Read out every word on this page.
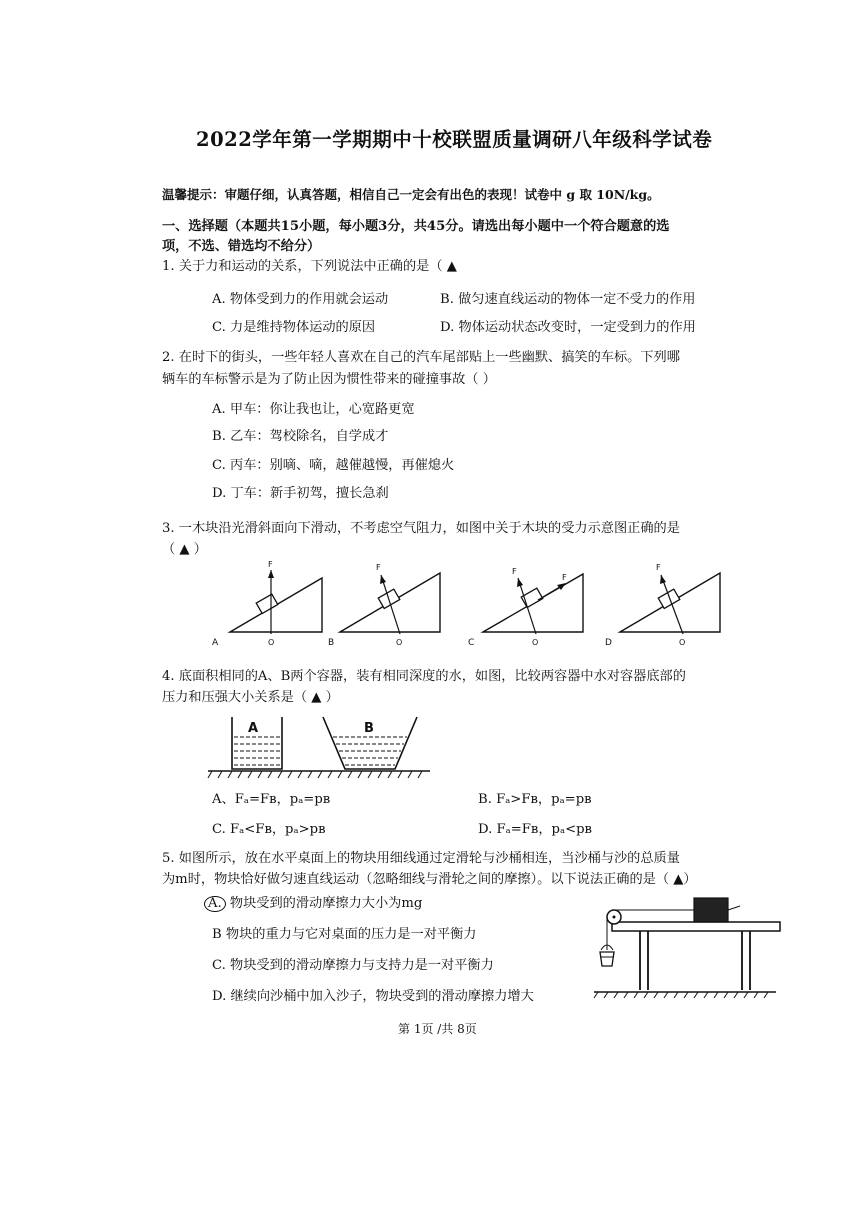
2022学年第一学期期中十校联盟质量调研八年级科学试卷
温馨提示：审题仔细，认真答题，相信自己一定会有出色的表现！试卷中 g 取 10N/kg。
一、选择题（本题共15小题，每小题3分，共45分。请选出每小题中一个符合题意的选
项，不选、错选均不给分）
1. 关于力和运动的关系，下列说法中正确的是（ ▲
A. 物体受到力的作用就会运动	B. 做匀速直线运动的物体一定不受力的作用
C. 力是维持物体运动的原因	D. 物体运动状态改变时，一定受到力的作用
2. 在时下的街头，一些年轻人喜欢在自己的汽车尾部贴上一些幽默、搞笑的车标。下列哪
辆车的车标警示是为了防止因为惯性带来的碰撞事故（ ）
A. 甲车：你让我也让，心宽路更宽
B. 乙车：驾校除名，自学成才
C. 丙车：别嘀、嘀，越催越慢，再催熄火
D. 丁车：新手初驾，擅长急刹
3. 一木块沿光滑斜面向下滑动，不考虑空气阻力，如图中关于木块的受力示意图正确的是
（ ▲ ）
F
O
A
F
O
B
F
F
O
C
F
O
D
A	B
4. 底面积相同的A、B两个容器，装有相同深度的水，如图，比较两容器中水对容器底部的
压力和压强大小关系是（ ▲ ）
A、Fₐ=Fʙ，pₐ=pʙ	B. Fₐ>Fʙ，pₐ=pʙ
C. Fₐ<Fʙ，pₐ>pʙ	D. Fₐ=Fʙ，pₐ<pʙ
5. 如图所示，放在水平桌面上的物块用细线通过定滑轮与沙桶相连，当沙桶与沙的总质量
为m时，物块恰好做匀速直线运动（忽略细线与滑轮之间的摩擦）。以下说法正确的是（ ▲）
A. 物块受到的滑动摩擦力大小为mg
B 物块的重力与它对桌面的压力是一对平衡力
C. 物块受到的滑动摩擦力与支持力是一对平衡力
D. 继续向沙桶中加入沙子，物块受到的滑动摩擦力增大
第 1页 /共 8页
